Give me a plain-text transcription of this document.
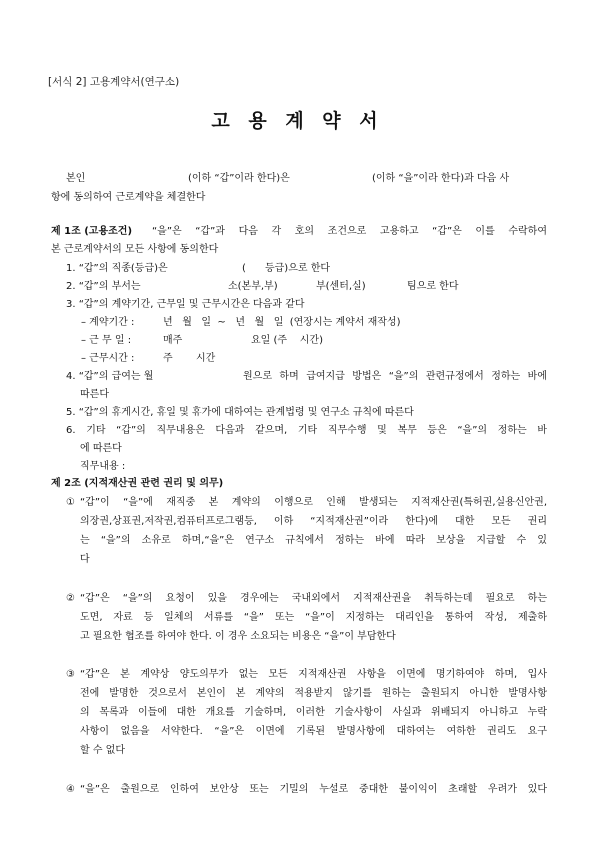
[서식 2] 고용계약서(연구소)
고 용 계 약 서
본인	(이하 “갑”이라 한다)은	(이하 “을”이라 한다)과 다음 사
항에 동의하여 근로계약을 체결한다
제 1조 (고용조건) “을”은 “갑”과 다음 각 호의 조건으로 고용하고 “갑”은 이를 수락하여
본 근로계약서의 모든 사항에 동의한다
1. “갑”의 직종(등급)은	(      등급)으로 한다
2. “갑”의 부서는	소(본부,부)	부(센터,실)	팀으로 한다
3. “갑”의 계약기간, 근무일 및 근무시간은 다음과 같다
– 계약기간 :	년   월   일  ~   년   월   일  (연장시는 계약서 재작성)
– 근 무 일 :	매주	요일 (주    시간)
– 근무시간 :	주 시간
4. “갑”의 급여는 월	원으로 하며 급여지급 방법은 “을”의 관련규정에서 정하는 바에
따른다
5. “갑”의 휴게시간, 휴일 및 휴가에 대하여는 관계법령 및 연구소 규칙에 따른다
6. 기타 “갑”의 직무내용은 다음과 같으며, 기타 직무수행 및 복무 등은 “을”의 정하는 바
에 따른다
직무내용 :
제 2조 (지적재산권 관련 권리 및 의무)
① “갑”이 “을”에 재직중 본 계약의 이행으로 인해 발생되는 지적재산권(특허권,실용신안권,
의장권,상표권,저작권,컴퓨터프로그램등, 이하 “지적재산권”이라 한다)에 대한 모든 권리
는 “을”의 소유로 하며,“을”은 연구소 규칙에서 정하는 바에 따라 보상을 지급할 수 있
다
② “갑”은 “을”의 요청이 있을 경우에는 국내외에서 지적재산권을 취득하는데 필요로 하는
도면, 자료 등 일체의 서류를 “을” 또는 “을”이 지정하는 대리인을 통하여 작성, 제출하
고 필요한 협조를 하여야 한다. 이 경우 소요되는 비용은 “을”이 부담한다
③ “갑”은 본 계약상 양도의무가 없는 모든 지적재산권 사항을 이면에 명기하여야 하며, 입사
전에 발명한 것으로서 본인이 본 계약의 적용받지 않기를 원하는 출원되지 아니한 발명사항
의 목록과 이들에 대한 개요를 기술하며, 이러한 기술사항이 사실과 위배되지 아니하고 누락
사항이 없음을 서약한다. “을”은 이면에 기록된 발명사항에 대하여는 여하한 권리도 요구
할 수 없다
④ “을”은 출원으로 인하여 보안상 또는 기밀의 누설로 중대한 불이익이 초래할 우려가 있다
